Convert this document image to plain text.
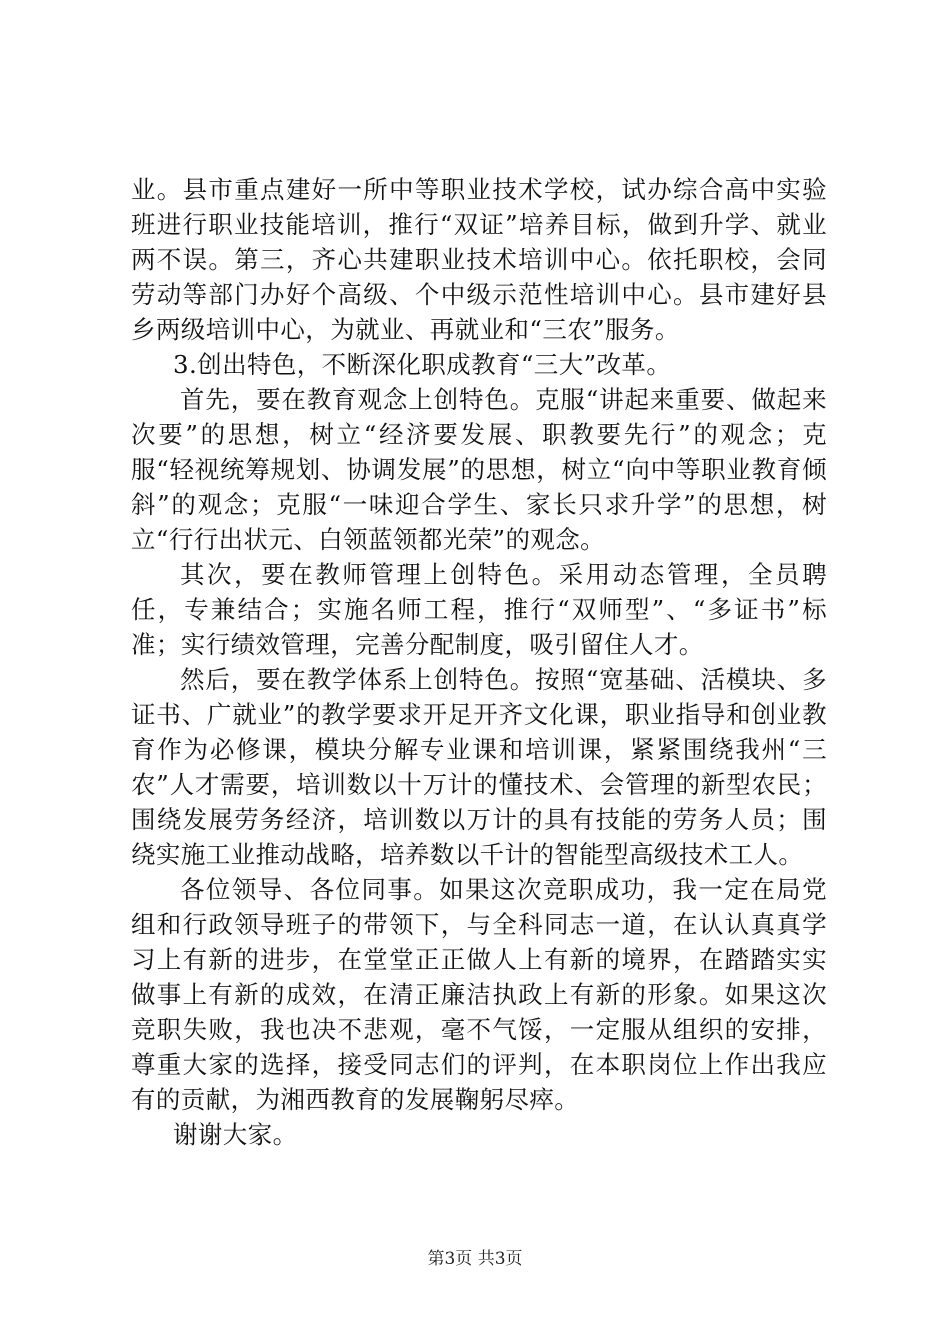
业。县市重点建好一所中等职业技术学校，试办综合高中实验班进行职业技能培训，推行“双证”培养目标，做到升学、就业两不误。第三，齐心共建职业技术培训中心。依托职校，会同劳动等部门办好个高级、个中级示范性培训中心。县市建好县乡两级培训中心，为就业、再就业和“三农”服务。

3.创出特色，不断深化职成教育“三大”改革。

首先，要在教育观念上创特色。克服“讲起来重要、做起来次要”的思想，树立“经济要发展、职教要先行”的观念；克服“轻视统筹规划、协调发展”的思想，树立“向中等职业教育倾斜”的观念；克服“一味迎合学生、家长只求升学”的思想，树立“行行出状元、白领蓝领都光荣”的观念。

其次，要在教师管理上创特色。采用动态管理，全员聘任，专兼结合；实施名师工程，推行“双师型”、“多证书”标准；实行绩效管理，完善分配制度，吸引留住人才。

然后，要在教学体系上创特色。按照“宽基础、活模块、多证书、广就业”的教学要求开足开齐文化课，职业指导和创业教育作为必修课，模块分解专业课和培训课，紧紧围绕我州“三农”人才需要，培训数以十万计的懂技术、会管理的新型农民；围绕发展劳务经济，培训数以万计的具有技能的劳务人员；围绕实施工业推动战略，培养数以千计的智能型高级技术工人。

各位领导、各位同事。如果这次竞职成功，我一定在局党组和行政领导班子的带领下，与全科同志一道，在认认真真学习上有新的进步，在堂堂正正做人上有新的境界，在踏踏实实做事上有新的成效，在清正廉洁执政上有新的形象。如果这次竞职失败，我也决不悲观，毫不气馁，一定服从组织的安排，尊重大家的选择，接受同志们的评判，在本职岗位上作出我应有的贡献，为湘西教育的发展鞠躬尽瘁。

谢谢大家。

第3页 共3页
